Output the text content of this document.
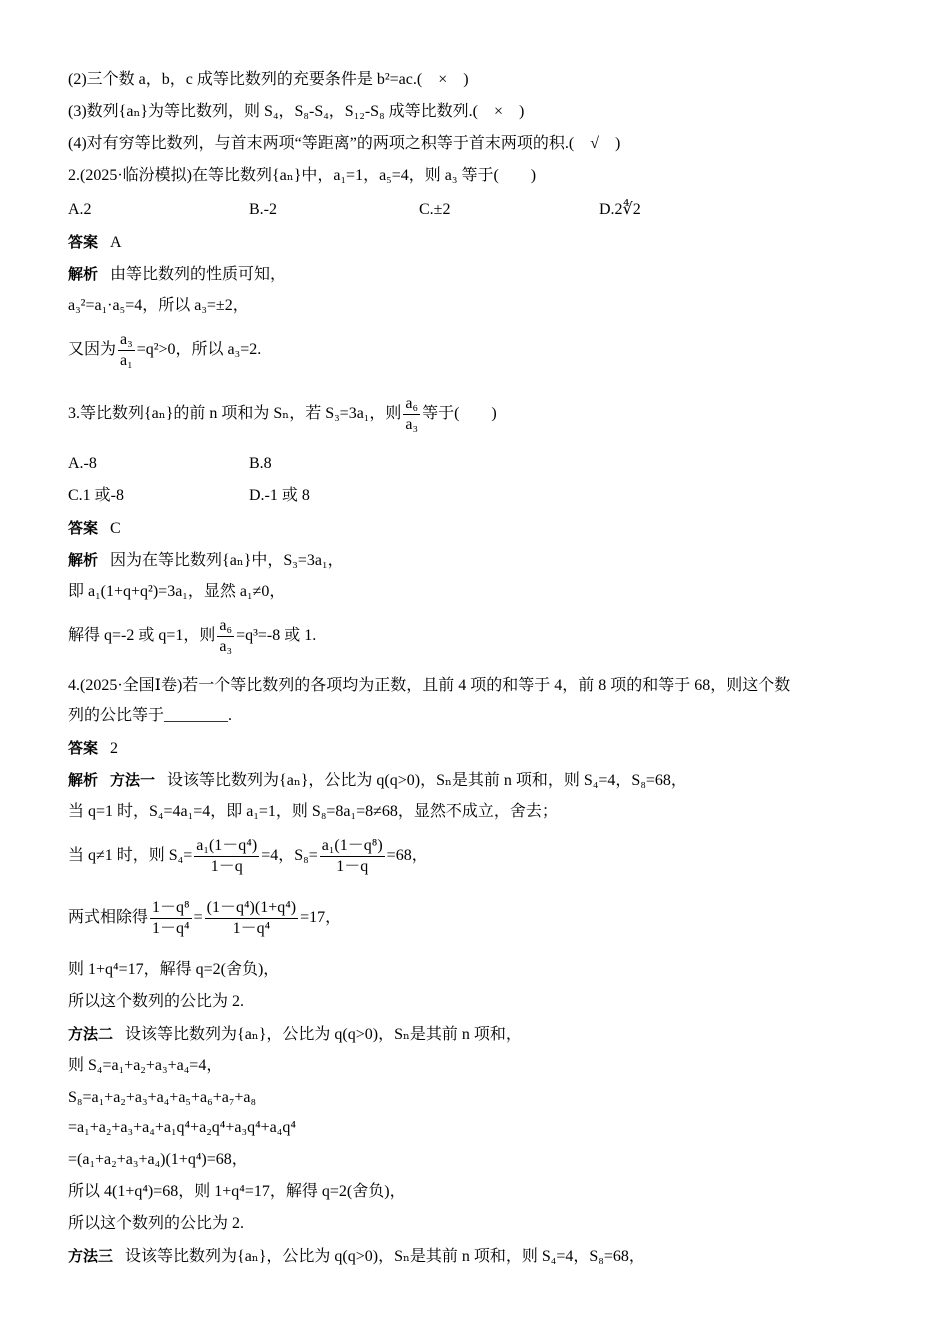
(2)三个数 a，b，c 成等比数列的充要条件是 b²=ac.(　×　)
(3)数列{aₙ}为等比数列，则 S₄，S₈-S₄，S₁₂-S₈ 成等比数列.(　×　)
(4)对有穷等比数列，与首末两项“等距离”的两项之积等于首末两项的积.(　√　)
2.(2025·临汾模拟)在等比数列{aₙ}中，a₁=1，a₅=4，则 a₃ 等于(　　)
A.2	B.-2	C.±2	D.2∜2
答案 A
解析 由等比数列的性质可知，
a₃²=a₁·a₅=4，所以 a₃=±2，
又因为 $\frac{\text{a₃}}{\text{a₁}} =q^2>0$，所以 a₃=2.
3.等比数列{aₙ}的前 n 项和为 Sₙ，若 S₃=3a₁，则 $\frac{\text{a₆}}{\text{a₃}}$ 等于(　　)
A.-8	B.8
C.1 或-8	D.-1 或 8
答案 C
解析 因为在等比数列{aₙ}中，S₃=3a₁，
即 a₁(1+q+q²)=3a₁，显然 a₁≠0，
解得 q=-2 或 q=1，则 $\frac{\text{a₆}}{\text{a₃}} =q^3=-8$ 或 1.
4.(2025·全国Ⅰ卷)若一个等比数列的各项均为正数，且前 4 项的和等于 4，前 8 项的和等于 68，则这个数
列的公比等于________.
答案 2
解析 方法一 设该等比数列为{aₙ}，公比为 q(q>0)，Sₙ是其前 n 项和，则 S₄=4，S₈=68，
当 q=1 时，S₄=4a₁=4，即 a₁=1，则 S₈=8a₁=8≠68，显然不成立，舍去；
当 q≠1 时，则 $S_4= \frac{\text{a₁(1－q⁴)}}{1-q} =4$，$S_8= \frac{\text{a₁(1－q⁸)}}{1-q} =68$，
两式相除得 $\frac{\text{1－q⁸}}{\text{1－q⁴}} = \frac{\text{(1－q⁴)(1+q⁴)}}{\text{1－q⁴}} =17$，
则 1+q⁴=17，解得 q=2(舍负)，
所以这个数列的公比为 2.
方法二 设该等比数列为{aₙ}，公比为 q(q>0)，Sₙ是其前 n 项和，
则 S₄=a₁+a₂+a₃+a₄=4，
S₈=a₁+a₂+a₃+a₄+a₅+a₆+a₇+a₈
=a₁+a₂+a₃+a₄+a₁q⁴+a₂q⁴+a₃q⁴+a₄q⁴
=(a₁+a₂+a₃+a₄)(1+q⁴)=68，
所以 4(1+q⁴)=68，则 1+q⁴=17，解得 q=2(舍负)，
所以这个数列的公比为 2.
方法三 设该等比数列为{aₙ}，公比为 q(q>0)，Sₙ是其前 n 项和，则 S₄=4，S₈=68，
